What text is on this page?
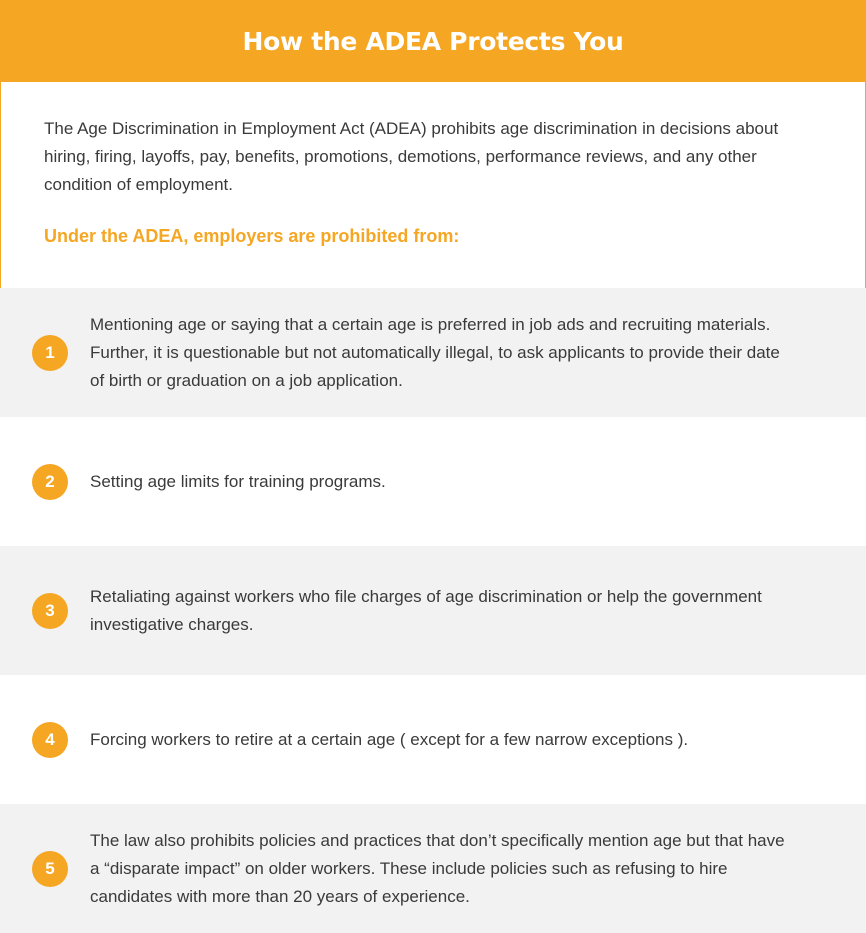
How the ADEA Protects You
The Age Discrimination in Employment Act (ADEA) prohibits age discrimination in decisions about hiring, firing, layoffs, pay, benefits, promotions, demotions, performance reviews, and any other condition of employment.
Under the ADEA, employers are prohibited from:
1
Mentioning age or saying that a certain age is preferred in job ads and recruiting materials. Further, it is questionable but not automatically illegal, to ask applicants to provide their date of birth or graduation on a job application.
2	Setting age limits for training programs.
3
Retaliating against workers who file charges of age discrimination or help the government investigative charges.
4	Forcing workers to retire at a certain age ( except for a few narrow exceptions ).
5
The law also prohibits policies and practices that don’t specifically mention age but that have a “disparate impact” on older workers. These include policies such as refusing to hire candidates with more than 20 years of experience.
